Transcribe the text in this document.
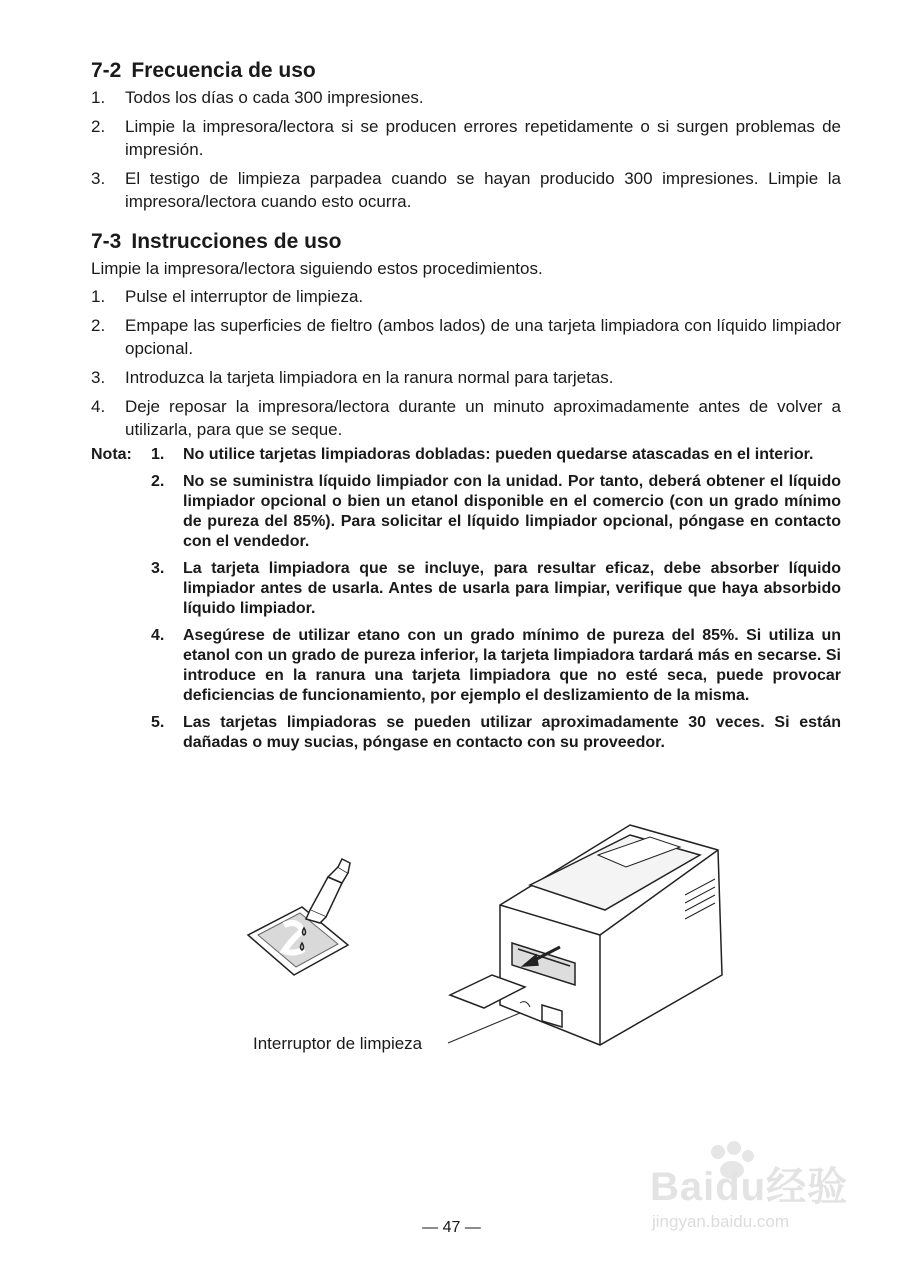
7-2 Frecuencia de uso
1. Todos los días o cada 300 impresiones.
2. Limpie la impresora/lectora si se producen errores repetidamente o si surgen problemas de impresión.
3. El testigo de limpieza parpadea cuando se hayan producido 300 impresiones. Limpie la impresora/lectora cuando esto ocurra.
7-3 Instrucciones de uso

Limpie la impresora/lectora siguiendo estos procedimientos.

1. Pulse el interruptor de limpieza.
2. Empape las superficies de fieltro (ambos lados) de una tarjeta limpiadora con líquido limpiador opcional.
3. Introduzca la tarjeta limpiadora en la ranura normal para tarjetas.
4. Deje reposar la impresora/lectora durante un minuto aproximadamente antes de volver a utilizarla, para que se seque.
Nota: 1. No utilice tarjetas limpiadoras dobladas: pueden quedarse atascadas en el interior.
2. No se suministra líquido limpiador con la unidad. Por tanto, deberá obtener el líquido limpiador opcional o bien un etanol disponible en el comercio (con un grado mínimo de pureza del 85%). Para solicitar el líquido limpiador opcional, póngase en contacto con el vendedor.
3. La tarjeta limpiadora que se incluye, para resultar eficaz, debe absorber líquido limpiador antes de usarla. Antes de usarla para limpiar, verifique que haya absorbido líquido limpiador.
4. Asegúrese de utilizar etano con un grado mínimo de pureza del 85%. Si utiliza un etanol con un grado de pureza inferior, la tarjeta limpiadora tardará más en secarse. Si introduce en la ranura una tarjeta limpiadora que no esté seca, puede provocar deficiencias de funcionamiento, por ejemplo el deslizamiento de la misma.
5. Las tarjetas limpiadoras se pueden utilizar aproximadamente 30 veces. Si están dañadas o muy sucias, póngase en contacto con su proveedor.
Interruptor de limpieza
— 47 —
Baidu经验
jingyan.baidu.com
